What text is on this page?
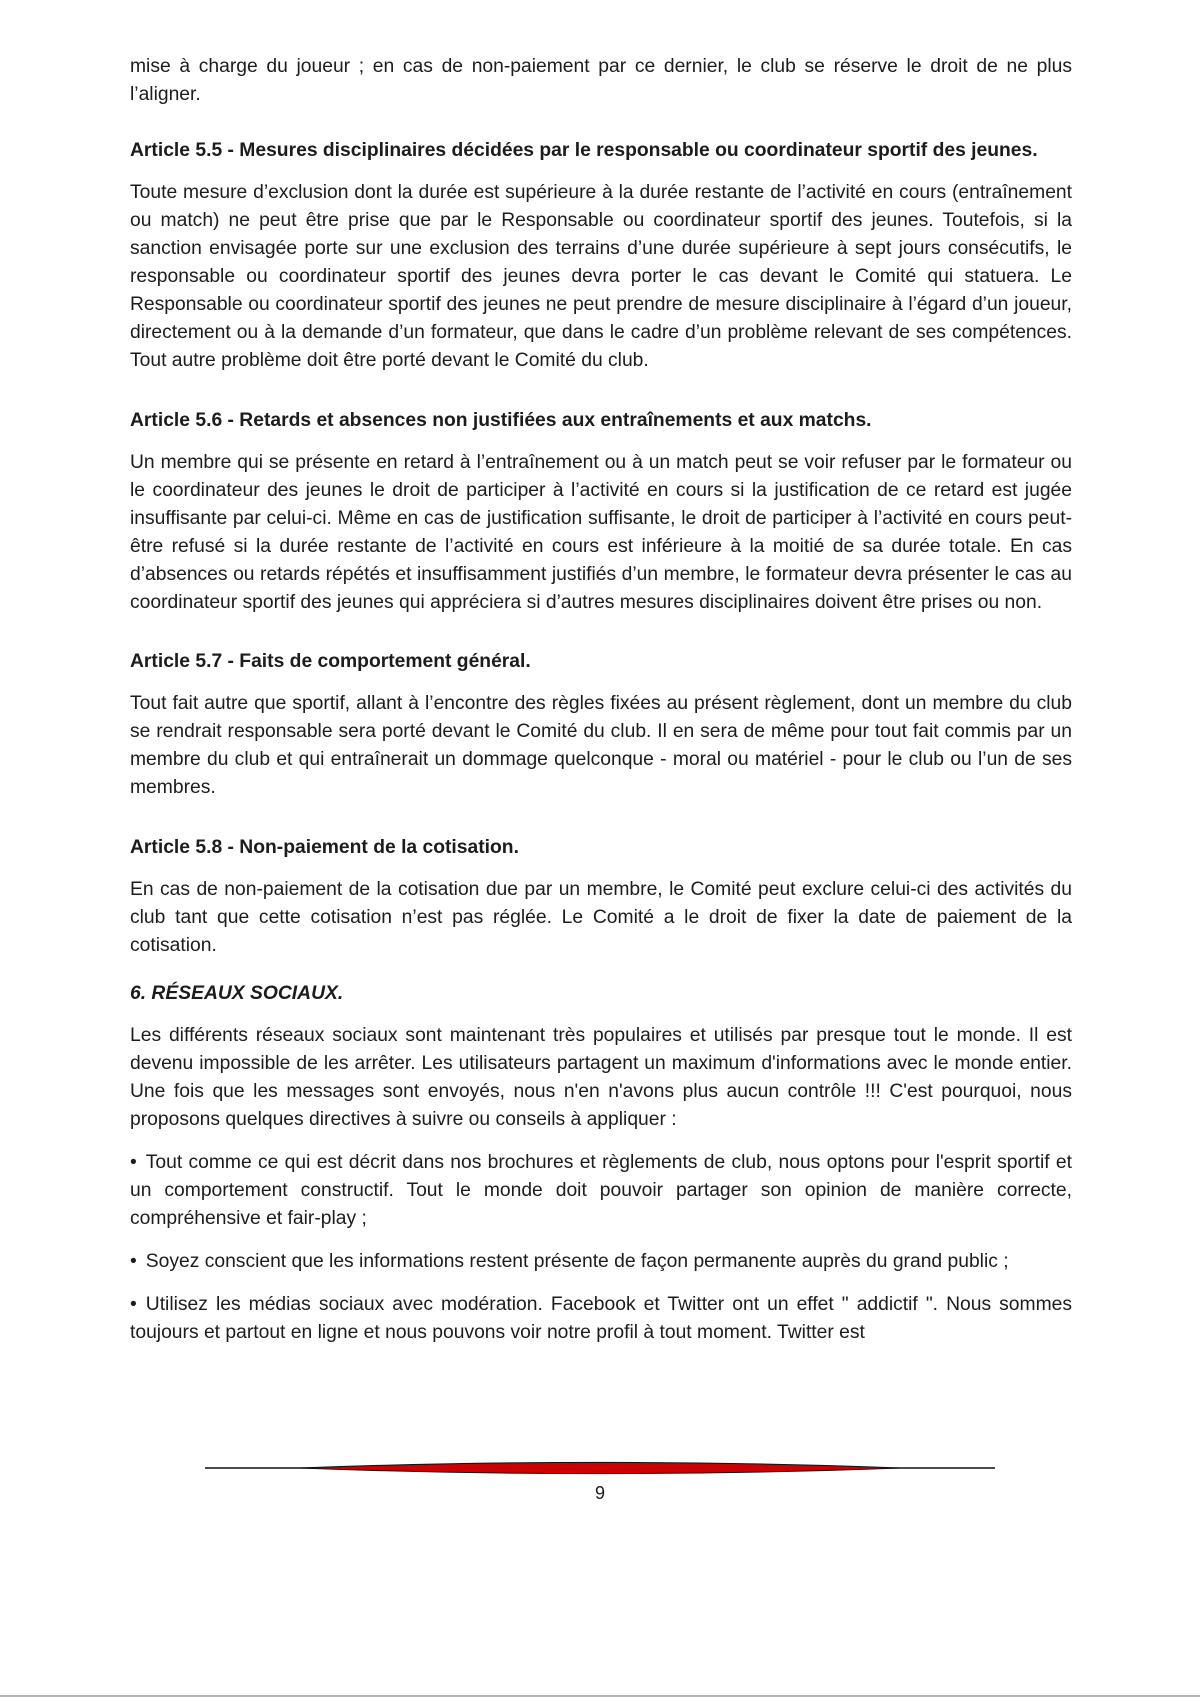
mise à charge du joueur ; en cas de non-paiement par ce dernier, le club se réserve le droit de ne plus l’aligner.

Article 5.5 - Mesures disciplinaires décidées par le responsable ou coordinateur sportif des jeunes.

Toute mesure d’exclusion dont la durée est supérieure à la durée restante de l’activité en cours (entraînement ou match) ne peut être prise que par le Responsable ou coordinateur sportif des jeunes. Toutefois, si la sanction envisagée porte sur une exclusion des terrains d’une durée supérieure à sept jours consécutifs, le responsable ou coordinateur sportif des jeunes devra porter le cas devant le Comité qui statuera. Le Responsable ou coordinateur sportif des jeunes ne peut prendre de mesure disciplinaire à l’égard d’un joueur, directement ou à la demande d’un formateur, que dans le cadre d’un problème relevant de ses compétences. Tout autre problème doit être porté devant le Comité du club.

Article 5.6 - Retards et absences non justifiées aux entraînements et aux matchs.

Un membre qui se présente en retard à l’entraînement ou à un match peut se voir refuser par le formateur ou le coordinateur des jeunes le droit de participer à l’activité en cours si la justification de ce retard est jugée insuffisante par celui-ci. Même en cas de justification suffisante, le droit de participer à l’activité en cours peut-être refusé si la durée restante de l’activité en cours est inférieure à la moitié de sa durée totale. En cas d’absences ou retards répétés et insuffisamment justifiés d’un membre, le formateur devra présenter le cas au coordinateur sportif des jeunes qui appréciera si d’autres mesures disciplinaires doivent être prises ou non.

Article 5.7 - Faits de comportement général.

Tout fait autre que sportif, allant à l’encontre des règles fixées au présent règlement, dont un membre du club se rendrait responsable sera porté devant le Comité du club. Il en sera de même pour tout fait commis par un membre du club et qui entraînerait un dommage quelconque - moral ou matériel - pour le club ou l’un de ses membres.

Article 5.8 - Non-paiement de la cotisation.

En cas de non-paiement de la cotisation due par un membre, le Comité peut exclure celui-ci des activités du club tant que cette cotisation n’est pas réglée. Le Comité a le droit de fixer la date de paiement de la cotisation.

6. RÉSEAUX SOCIAUX.

Les différents réseaux sociaux sont maintenant très populaires et utilisés par presque tout le monde. Il est devenu impossible de les arrêter. Les utilisateurs partagent un maximum d'informations avec le monde entier. Une fois que les messages sont envoyés, nous n'en n'avons plus aucun contrôle !!! C'est pourquoi, nous proposons quelques directives à suivre ou conseils à appliquer :

• Tout comme ce qui est décrit dans nos brochures et règlements de club, nous optons pour l'esprit sportif et un comportement constructif. Tout le monde doit pouvoir partager son opinion de manière correcte, compréhensive et fair-play ;

• Soyez conscient que les informations restent présente de façon permanente auprès du grand public ;

• Utilisez les médias sociaux avec modération. Facebook et Twitter ont un effet " addictif ". Nous sommes toujours et partout en ligne et nous pouvons voir notre profil à tout moment. Twitter est

9
